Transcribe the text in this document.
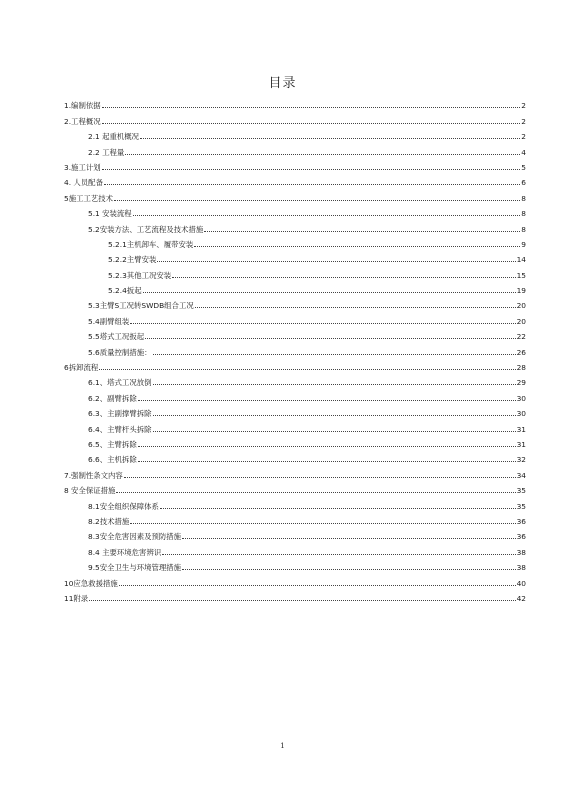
目录
1.编制依据	2
2.工程概况	2
2.1 起重机概况	2
2.2 工程量	4
3.施工计划	5
4. 人员配备	6
5施工工艺技术	8
5.1 安装流程	8
5.2安装方法、工艺流程及技术措施	8
5.2.1主机卸车、履带安装	9
5.2.2主臂安装	14
5.2.3其他工况安装	15
5.2.4扳起	19
5.3主臂S工况转SWDB组合工况	20
5.4副臂组装	20
5.5塔式工况扳起	22
5.6质量控制措施：	26
6拆卸流程	28
6.1、塔式工况放倒	29
6.2、副臂拆除	30
6.3、主副撑臂拆除	30
6.4、主臂杆头拆除	31
6.5、主臂拆除	31
6.6、主机拆除	32
7.强制性条文内容	34
8 安全保证措施	35
8.1安全组织保障体系	35
8.2技术措施	36
8.3安全危害因素及预防措施	36
8.4 主要环境危害辨识	38
9.5安全卫生与环境管理措施	38
10应急救援措施	40
11附录	42
1
